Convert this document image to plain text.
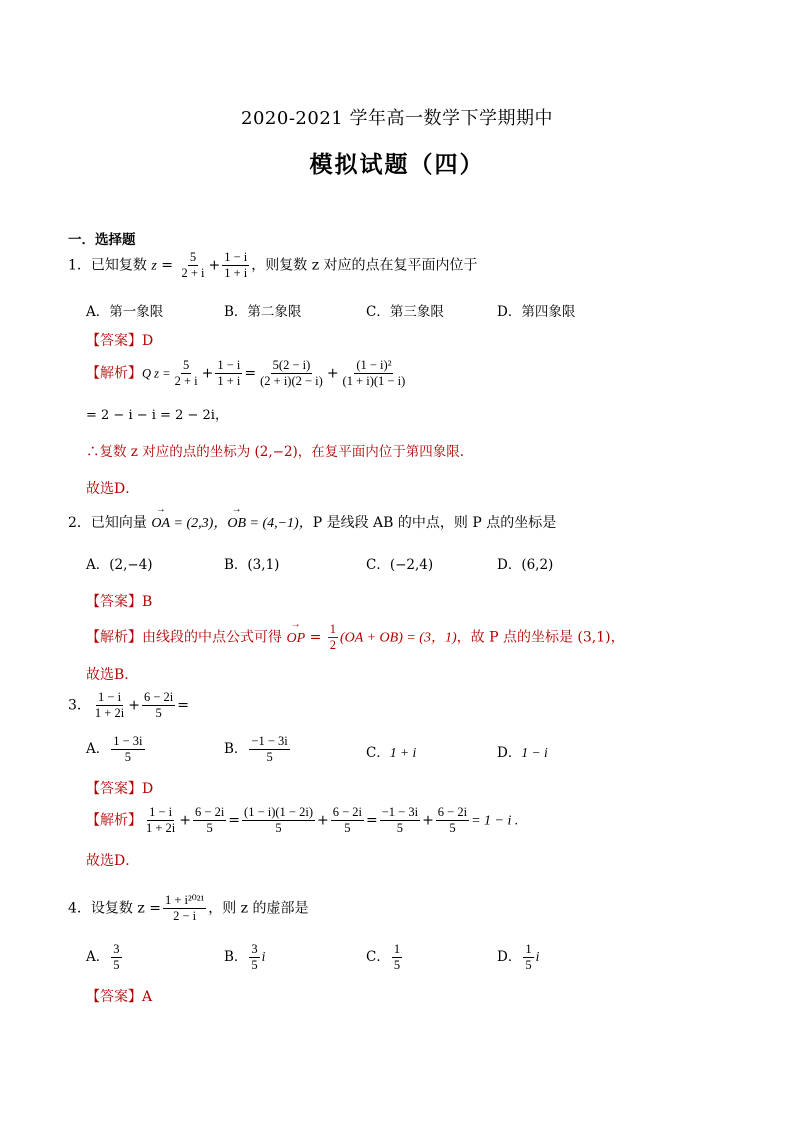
2020-2021 学年高一数学下学期期中
模拟试题（四）
一．选择题
1．已知复数 $z = \frac{5}{2 + i} + \frac{1 - i}{1 + i}$ ，则复数 z 对应的点在复平面内位于
A．第一象限	B．第二象限	C．第三象限	D．第四象限
【答案】D
【解析】Q $z = \frac{5}{2 + i} + \frac{1 - i}{1 + i} = \frac{5(2 - i)}{(2 + i)(2 - i)} + \frac{\text{(1 − i)²}}{(1 + i)(1 - i)}$
= 2 − i − i = 2 − 2i，
∴复数 z 对应的点的坐标为 (2,−2)，在复平面内位于第四象限.
故选D．
2．已知向量 → OA = (2,3)，→ OB = (4,−1)，P 是线段 AB 的中点，则 P 点的坐标是
A．(2,−4)	B．(3,1)	C．(−2,4)	D．(6,2)
【答案】B
【解析】由线段的中点公式可得 → OP = $\frac{1}{2} (OA + OB) = (3$，1)，故 P 点的坐标是 (3,1)，
故选B．
3． $\frac{1 - i}{1 + 2i} + \frac{6 - 2i}{5}$ =
A． $\frac{1 - 3i}{5}$	B． $\frac{-1 - 3i}{5}$	C．1 + i	D．1 − i
【答案】D
【解析】 $\frac{1 - i}{1 + 2i} + \frac{6 - 2i}{5} = \frac{(1 - i)(1 - 2i)}{5} + \frac{6 - 2i}{5} = \frac{-1 - 3i}{5} + \frac{6 - 2i}{5} = 1 - i$ .
故选D．
4．设复数 $z = \frac{\text{1 + i²⁰²¹}}{2 - i}$ ，则 z 的虚部是
A． $\frac{3}{5}$	B． $\frac{3}{5}$ i	C． $\frac{1}{5}$	D． $\frac{1}{5}$ i
【答案】A
